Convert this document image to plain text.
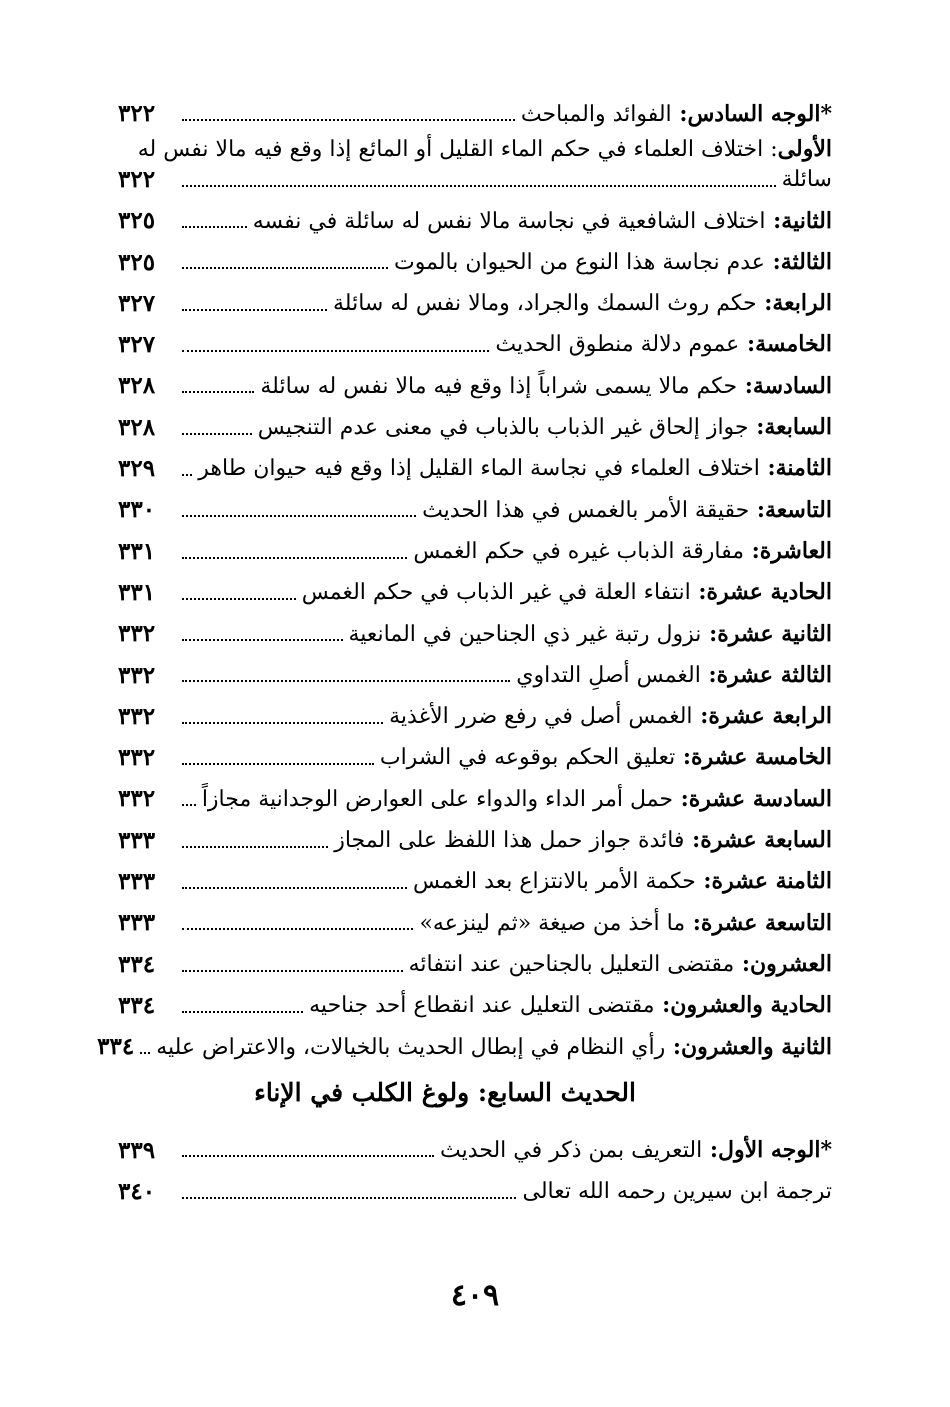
*الوجه السادس: الفوائد والمباحث
٣٢٢
الأولى: اختلاف العلماء في حكم الماء القليل أو المائع إذا وقع فيه مالا نفس له
سائلة
٣٢٢
الثانية: اختلاف الشافعية في نجاسة مالا نفس له سائلة في نفسه
٣٢٥
الثالثة: عدم نجاسة هذا النوع من الحيوان بالموت
٣٢٥
الرابعة: حكم روث السمك والجراد، ومالا نفس له سائلة
٣٢٧
الخامسة: عموم دلالة منطوق الحديث
٣٢٧
السادسة: حكم مالا يسمى شراباً إذا وقع فيه مالا نفس له سائلة
٣٢٨
السابعة: جواز إلحاق غير الذباب بالذباب في معنى عدم التنجيس
٣٢٨
الثامنة: اختلاف العلماء في نجاسة الماء القليل إذا وقع فيه حيوان طاهر
٣٢٩
التاسعة: حقيقة الأمر بالغمس في هذا الحديث
٣٣٠
العاشرة: مفارقة الذباب غيره في حكم الغمس
٣٣١
الحادية عشرة: انتفاء العلة في غير الذباب في حكم الغمس
٣٣١
الثانية عشرة: نزول رتبة غير ذي الجناحين في المانعية
٣٣٢
الثالثة عشرة: الغمس أصلِ التداوي
٣٣٢
الرابعة عشرة: الغمس أصل في رفع ضرر الأغذية
٣٣٢
الخامسة عشرة: تعليق الحكم بوقوعه في الشراب
٣٣٢
السادسة عشرة: حمل أمر الداء والدواء على العوارض الوجدانية مجازاً
٣٣٢
السابعة عشرة: فائدة جواز حمل هذا اللفظ على المجاز
٣٣٣
الثامنة عشرة: حكمة الأمر بالانتزاع بعد الغمس
٣٣٣
التاسعة عشرة: ما أخذ من صيغة «ثم لينزعه»
٣٣٣
العشرون: مقتضى التعليل بالجناحين عند انتفائه
٣٣٤
الحادية والعشرون: مقتضى التعليل عند انقطاع أحد جناحيه
٣٣٤
الثانية والعشرون: رأي النظام في إبطال الحديث بالخيالات، والاعتراض عليه
٣٣٤
الحديث السابع: ولوغ الكلب في الإناء
*الوجه الأول: التعريف بمن ذكر في الحديث
٣٣٩
ترجمة ابن سيرين رحمه الله تعالى
٣٤٠
٤٠٩
